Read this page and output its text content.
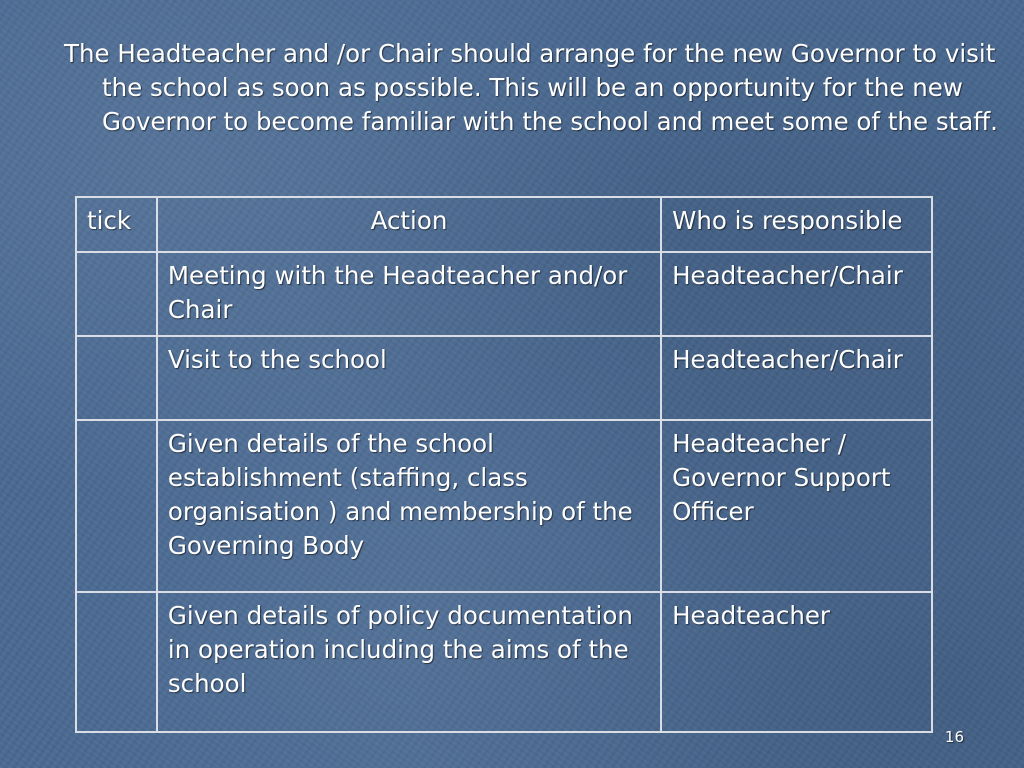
The Headteacher and /or Chair should arrange for the new Governor to visit the school as soon as possible. This will be an opportunity for the new Governor to become familiar with the school and meet some of the staff.

tick	Action	Who is responsible
	Meeting with the Headteacher and/or Chair	Headteacher/Chair
	Visit to the school	Headteacher/Chair
	Given details of the school establishment (staffing, class organisation ) and membership of the Governing Body	Headteacher / Governor Support Officer
	Given details of policy documentation in operation including the aims of the school	Headteacher
16
